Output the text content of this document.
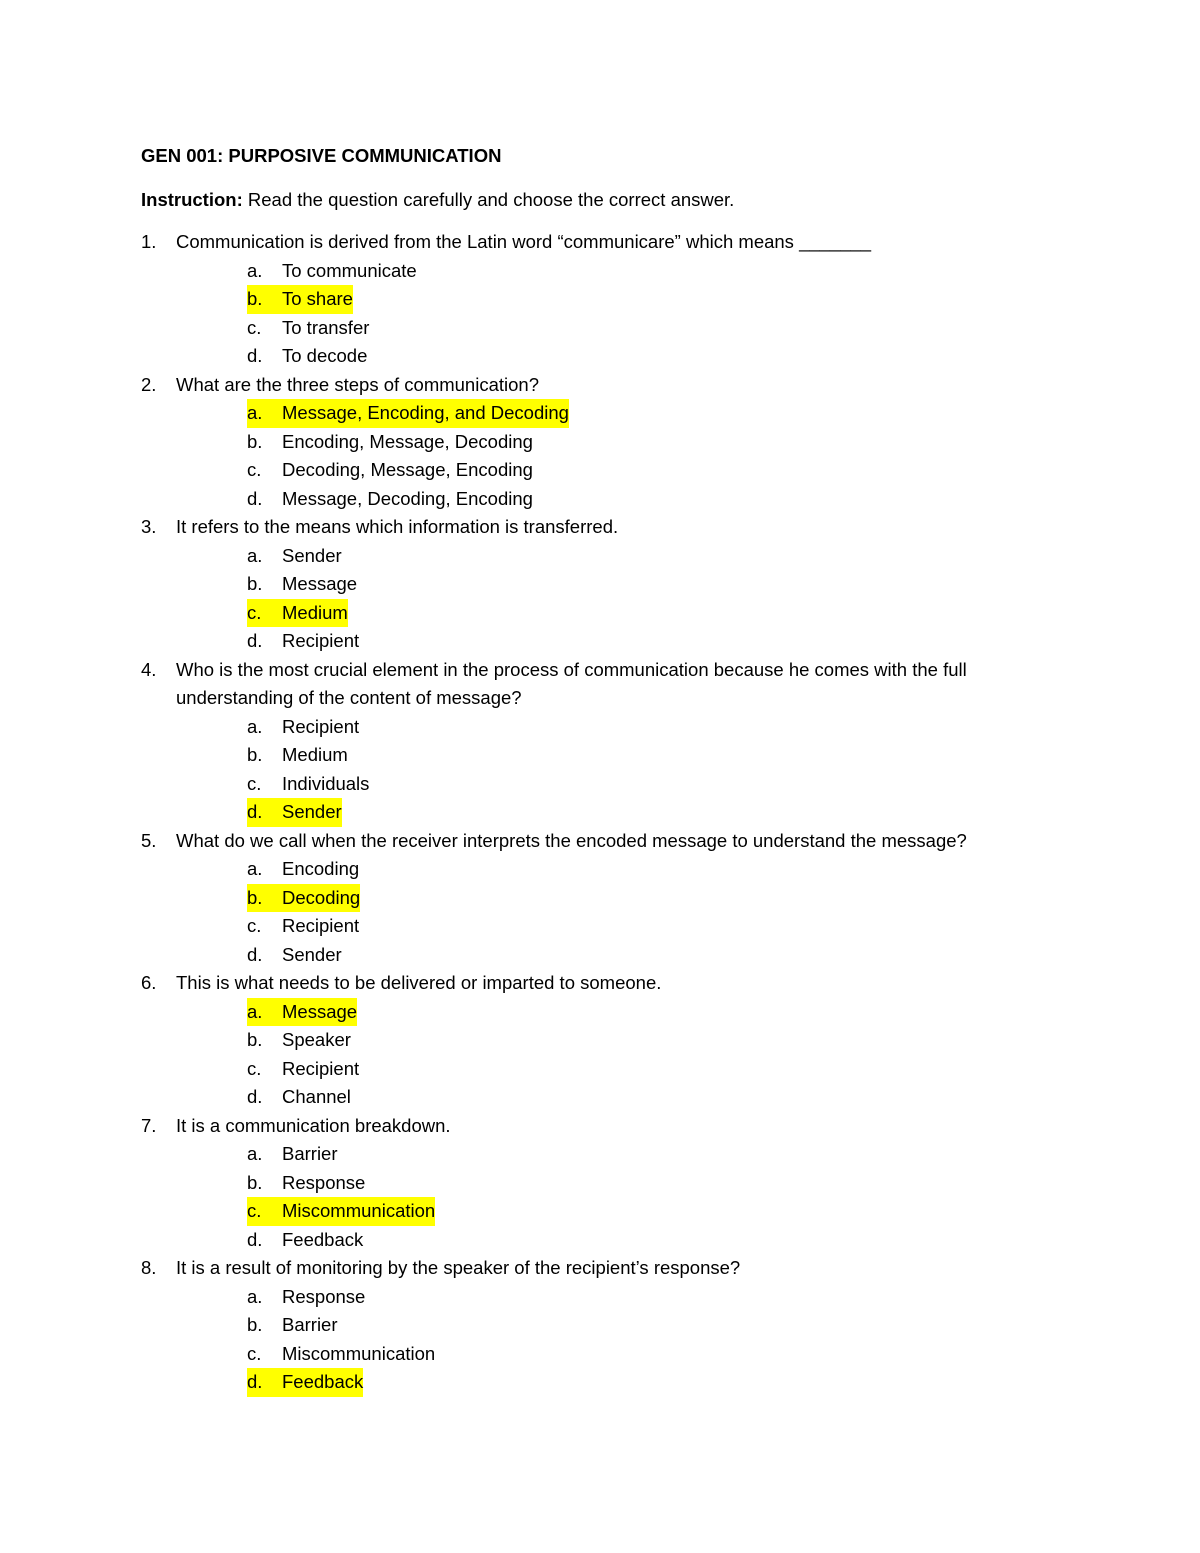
GEN 001: PURPOSIVE COMMUNICATION
Instruction: Read the question carefully and choose the correct answer.
1.	Communication is derived from the Latin word “communicare” which means _______
a.	To communicate
b.	To share
c.	To transfer
d.	To decode
2.	What are the three steps of communication?
a.	Message, Encoding, and Decoding
b.	Encoding, Message, Decoding
c.	Decoding, Message, Encoding
d.	Message, Decoding, Encoding
3.	It refers to the means which information is transferred.
a.	Sender
b.	Message
c.	Medium
d.	Recipient
4.	Who is the most crucial element in the process of communication because he comes with the full understanding of the content of message?
a.	Recipient
b.	Medium
c.	Individuals
d.	Sender
5.	What do we call when the receiver interprets the encoded message to understand the message?
a.	Encoding
b.	Decoding
c.	Recipient
d.	Sender
6.	This is what needs to be delivered or imparted to someone.
a.	Message
b.	Speaker
c.	Recipient
d.	Channel
7.	It is a communication breakdown.
a.	Barrier
b.	Response
c.	Miscommunication
d.	Feedback
8.	It is a result of monitoring by the speaker of the recipient’s response?
a.	Response
b.	Barrier
c.	Miscommunication
d.	Feedback
